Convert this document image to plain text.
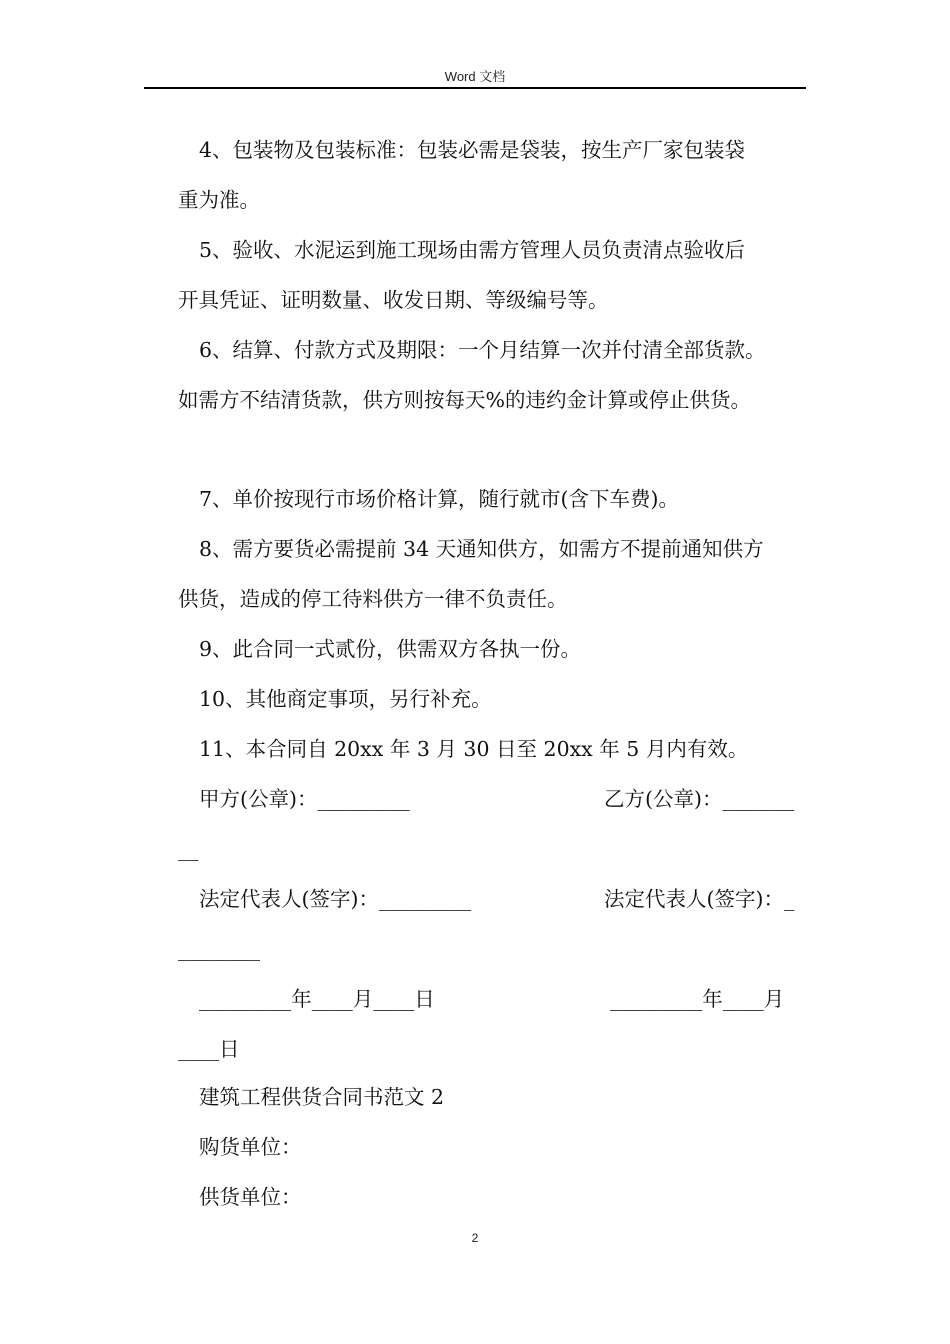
Word 文档
4、包装物及包装标准：包装必需是袋装，按生产厂家包装袋
重为准。
5、验收、水泥运到施工现场由需方管理人员负责清点验收后
开具凭证、证明数量、收发日期、等级编号等。
6、结算、付款方式及期限：一个月结算一次并付清全部货款。
如需方不结清货款，供方则按每天%的违约金计算或停止供货。
7、单价按现行市场价格计算，随行就市(含下车费)。
8、需方要货必需提前 34 天通知供方，如需方不提前通知供方
供货，造成的停工待料供方一律不负责任。
9、此合同一式贰份，供需双方各执一份。
10、其他商定事项，另行补充。
11、本合同自 20xx 年 3 月 30 日至 20xx 年 5 月内有效。
甲方(公章)：_________	乙方(公章)：_______
__
法定代表人(签字)：_________	法定代表人(签字)：_
________
_________年____月____日	_________年____月
____日
建筑工程供货合同书范文 2
购货单位：
供货单位：
2
